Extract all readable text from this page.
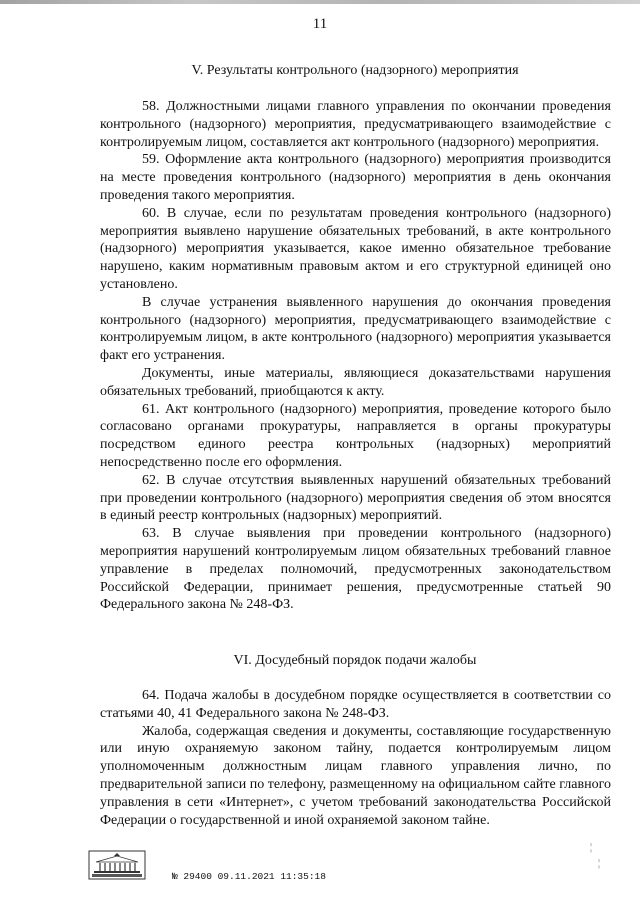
11
V. Результаты контрольного (надзорного) мероприятия

58. Должностными лицами главного управления по окончании проведения контрольного (надзорного) мероприятия, предусматривающего взаимодействие с контролируемым лицом, составляется акт контрольного (надзорного) мероприятия.

59. Оформление акта контрольного (надзорного) мероприятия производится на месте проведения контрольного (надзорного) мероприятия в день окончания проведения такого мероприятия.

60. В случае, если по результатам проведения контрольного (надзорного) мероприятия выявлено нарушение обязательных требований, в акте контрольного (надзорного) мероприятия указывается, какое именно обязательное требование нарушено, каким нормативным правовым актом и его структурной единицей оно установлено.

В случае устранения выявленного нарушения до окончания проведения контрольного (надзорного) мероприятия, предусматривающего взаимодействие с контролируемым лицом, в акте контрольного (надзорного) мероприятия указывается факт его устранения.

Документы, иные материалы, являющиеся доказательствами нарушения обязательных требований, приобщаются к акту.

61. Акт контрольного (надзорного) мероприятия, проведение которого было согласовано органами прокуратуры, направляется в органы прокуратуры посредством единого реестра контрольных (надзорных) мероприятий непосредственно после его оформления.

62. В случае отсутствия выявленных нарушений обязательных требований при проведении контрольного (надзорного) мероприятия сведения об этом вносятся в единый реестр контрольных (надзорных) мероприятий.

63. В случае выявления при проведении контрольного (надзорного) мероприятия нарушений контролируемым лицом обязательных требований главное управление в пределах полномочий, предусмотренных законодательством Российской Федерации, принимает решения, предусмотренные статьей 90 Федерального закона № 248-ФЗ.

VI. Досудебный порядок подачи жалобы

64. Подача жалобы в досудебном порядке осуществляется в соответствии со статьями 40, 41 Федерального закона № 248-ФЗ.

Жалоба, содержащая сведения и документы, составляющие государственную или иную охраняемую законом тайну, подается контролируемым лицом уполномоченным должностным лицам главного управления лично, по предварительной записи по телефону, размещенному на официальном сайте главного управления в сети «Интернет», с учетом требований законодательства Российской Федерации о государственной и иной охраняемой законом тайне.

№ 29400 09.11.2021 11:35:18
¦
¦
